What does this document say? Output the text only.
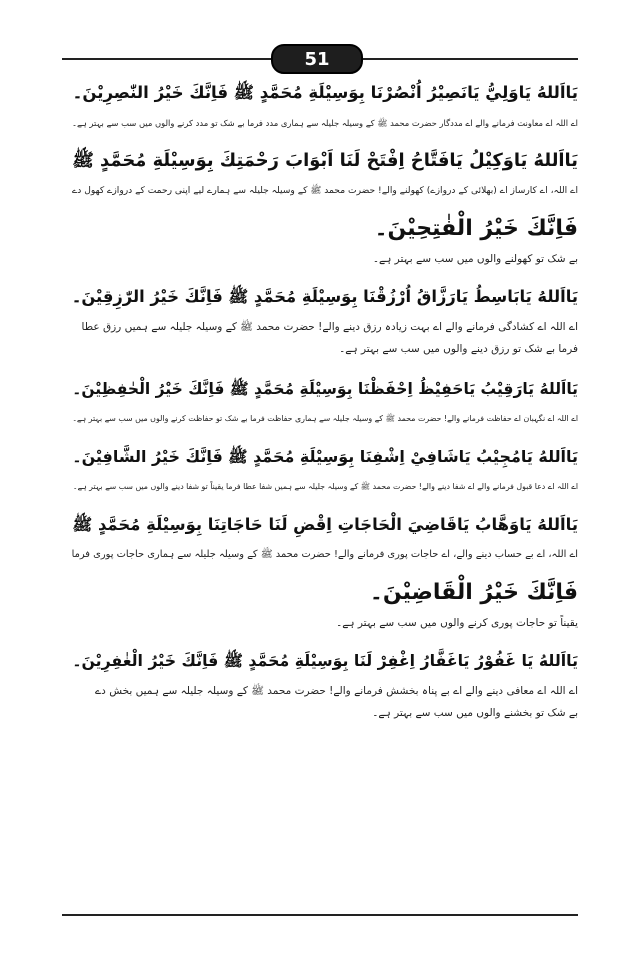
51

يَااَللهُ يَاوَلِيُّ يَانَصِيْرُ اُنْصُرْنَا بِوَسِيْلَةِ مُحَمَّدٍ ﷺ فَاِنَّكَ خَيْرُ النّٰصِرِيْنَ۔

اے اللہ اے معاونت فرمانے والے اے مددگار حضرت محمد ﷺ کے وسیلہ جلیلہ سے ہماری مدد فرما بے شک تو مدد کرنے والوں میں سب سے بہتر ہے۔

يَااَللهُ يَاوَكِيْلُ يَافَتَّاحُ اِفْتَحْ لَنَا اَبْوَابَ رَحْمَتِكَ بِوَسِيْلَةِ مُحَمَّدٍ ﷺ

اے اللہ، اے کارساز اے (بھلائی کے دروازے) کھولنے والے! حضرت محمد ﷺ کے وسیلہ جلیلہ سے ہمارے لیے اپنی رحمت کے دروازے کھول دے

فَاِنَّكَ خَيْرُ الْفٰتِحِيْنَ۔

بے شک تو کھولنے والوں میں سب سے بہتر ہے۔

يَااَللهُ يَابَاسِطُ يَارَزَّاقُ اُرْزُقْنَا بِوَسِيْلَةِ مُحَمَّدٍ ﷺ فَاِنَّكَ خَيْرُ الرّٰزِقِيْنَ۔

اے اللہ اے کشادگی فرمانے والے اے بہت زیادہ رزق دینے والے! حضرت محمد ﷺ کے وسیلہ جلیلہ سے ہمیں رزق عطا

فرما بے شک تو رزق دینے والوں میں سب سے بہتر ہے۔

يَااَللهُ يَارَقِيْبُ يَاحَفِيْظُ اِحْفَظْنَا بِوَسِيْلَةِ مُحَمَّدٍ ﷺ فَاِنَّكَ خَيْرُ الْحٰفِظِيْنَ۔

اے اللہ اے نگہبان اے حفاظت فرمانے والے! حضرت محمد ﷺ کے وسیلہ جلیلہ سے ہماری حفاظت فرما بے شک تو حفاظت کرنے والوں میں سب سے بہتر ہے۔

يَااَللهُ يَامُجِيْبُ يَاشَافِيْ اِشْفِنَا بِوَسِيْلَةِ مُحَمَّدٍ ﷺ فَاِنَّكَ خَيْرُ الشَّافِيْنَ۔

اے اللہ اے دعا قبول فرمانے والے اے شفا دینے والے! حضرت محمد ﷺ کے وسیلہ جلیلہ سے ہمیں شفا عطا فرما یقیناً تو شفا دینے والوں میں سب سے بہتر ہے۔

يَااَللهُ يَاوَهَّابُ يَاقَاضِيَ الْحَاجَاتِ اِقْضِ لَنَا حَاجَاتِنَا بِوَسِيْلَةِ مُحَمَّدٍ ﷺ

اے اللہ، اے بے حساب دینے والے، اے حاجات پوری فرمانے والے! حضرت محمد ﷺ کے وسیلہ جلیلہ سے ہماری حاجات پوری فرما

فَاِنَّكَ خَيْرُ الْقَاضِيْنَ۔

یقیناً تو حاجات پوری کرنے والوں میں سب سے بہتر ہے۔

يَااَللهُ يَا غَفُوْرُ يَاغَفَّارُ اِغْفِرْ لَنَا بِوَسِيْلَةِ مُحَمَّدٍ ﷺ فَاِنَّكَ خَيْرُ الْغٰفِرِيْنَ۔

اے اللہ اے معافی دینے والے اے بے پناہ بخشش فرمانے والے! حضرت محمد ﷺ کے وسیلہ جلیلہ سے ہمیں بخش دے

بے شک تو بخشنے والوں میں سب سے بہتر ہے۔
